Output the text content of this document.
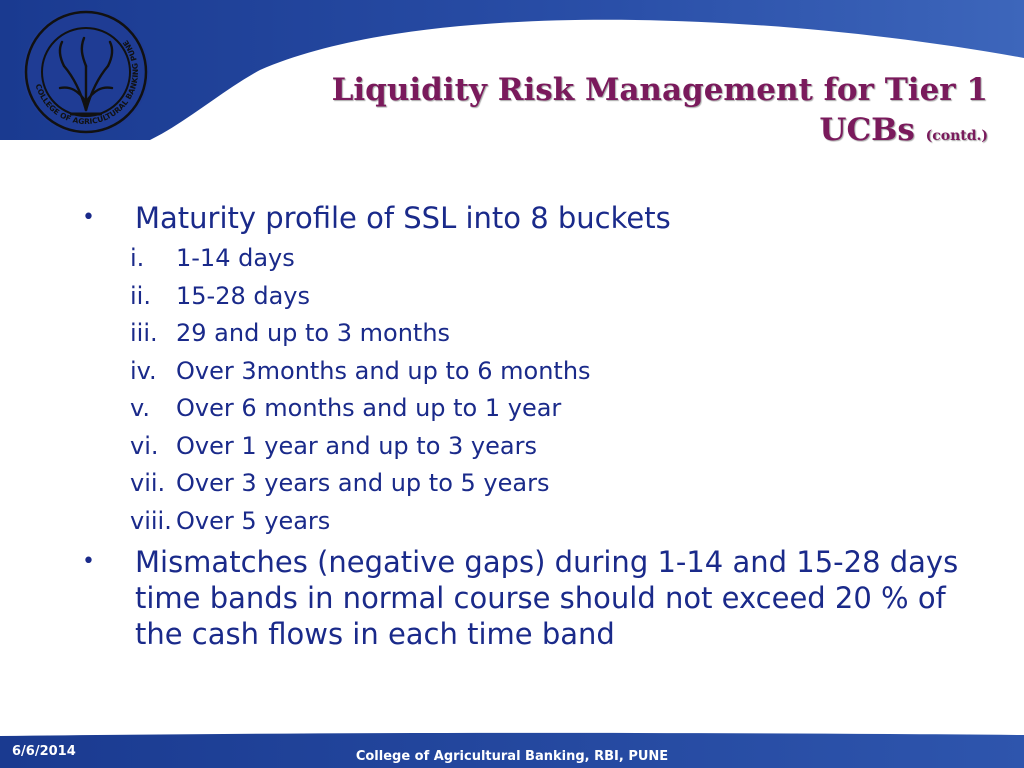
COLLEGE OF AGRICULTURAL BANKING PUNE
Liquidity Risk Management for Tier 1
UCBs (contd.)
• Maturity profile of SSL into 8 buckets
i. 1-14 days
ii. 15-28 days
iii. 29 and up to 3 months
iv. Over 3months and up to 6 months
v. Over 6 months and up to 1 year
vi. Over 1 year and up to 3 years
vii. Over 3 years and up to 5 years
viii. Over 5 years
• Mismatches (negative gaps) during 1-14 and 15-28 days time bands in normal course should not exceed 20 % of the cash flows in each time band
6/6/2014	College of Agricultural Banking, RBI, PUNE
